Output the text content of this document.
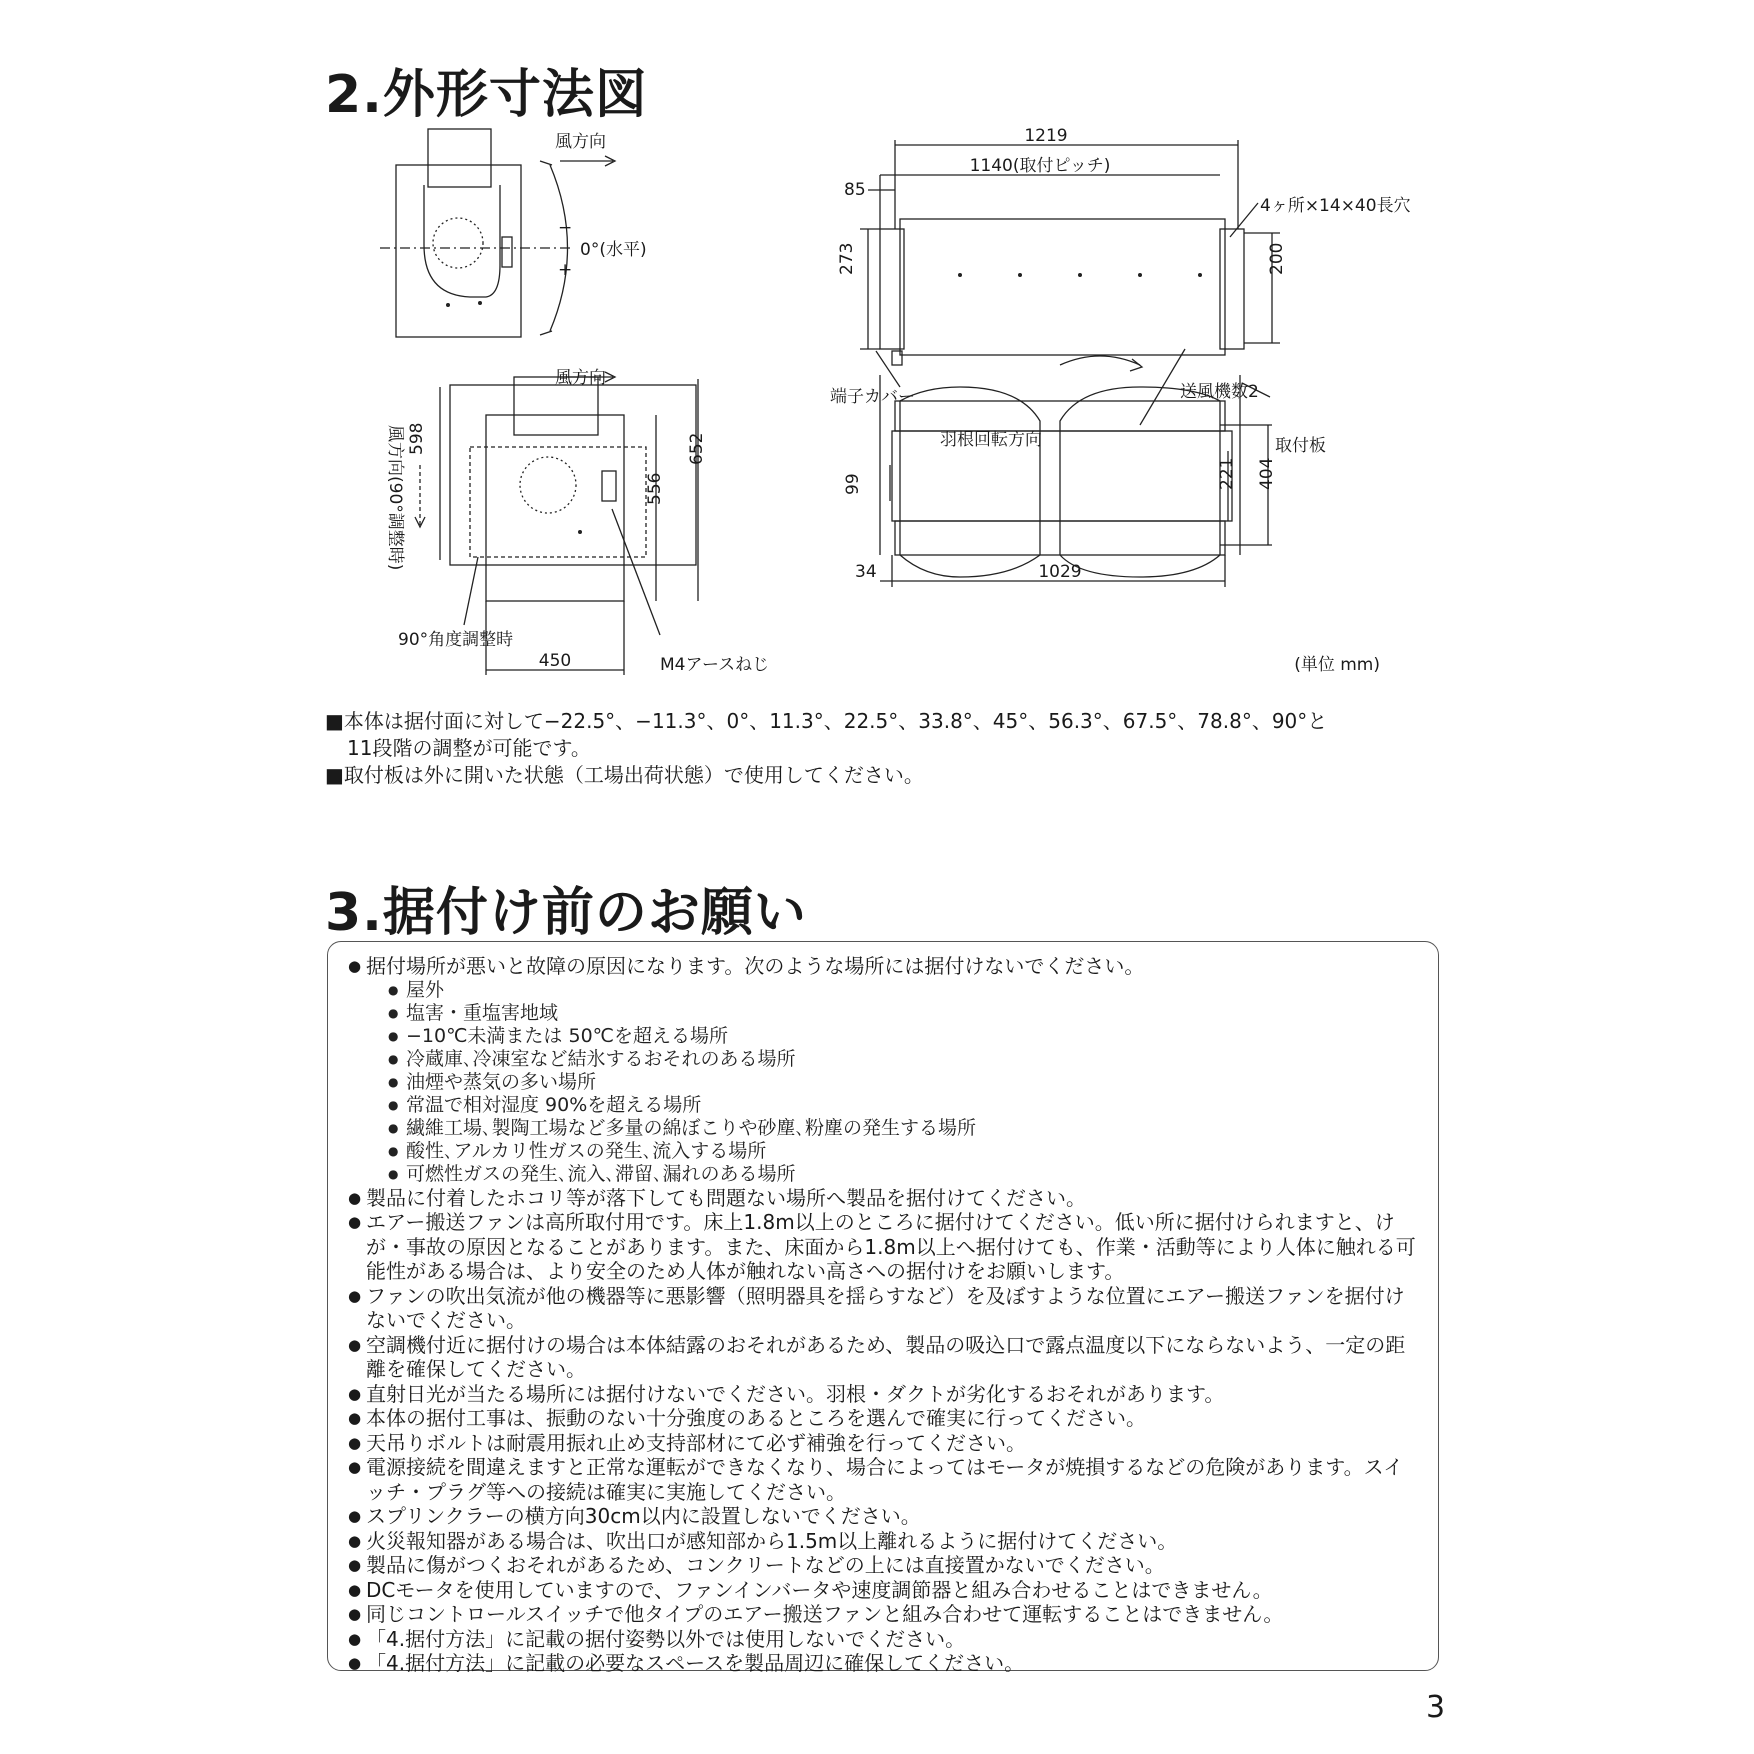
2.外形寸法図
風方向
−
0°(水平)
+
1219
1140(取付ピッチ)
85
4ヶ所×14×40長穴
273	200
風方向
風方向(90°調整時) 598
556
652
90°角度調整時
450	M4アースねじ
端子カバー	送風機数2
羽根回転方向	取付板
99	221 404
34	1029
(単位 mm)

■本体は据付面に対して−22.5°、−11.3°、0°、11.3°、22.5°、33.8°、45°、56.3°、67.5°、78.8°、90°と

11段階の調整が可能です。

■取付板は外に開いた状態（工場出荷状態）で使用してください。

3.据付け前のお願い
● 据付場所が悪いと故障の原因になります。次のような場所には据付けないでください。
● 屋外
● 塩害・重塩害地域
● −10℃未満または 50℃を超える場所
● 冷蔵庫､冷凍室など結氷するおそれのある場所
● 油煙や蒸気の多い場所
● 常温で相対湿度 90%を超える場所
● 繊維工場､製陶工場など多量の綿ぼこりや砂塵､粉塵の発生する場所
● 酸性､アルカリ性ガスの発生､流入する場所
● 可燃性ガスの発生､流入､滞留､漏れのある場所
● 製品に付着したホコリ等が落下しても問題ない場所へ製品を据付けてください。
● エアー搬送ファンは高所取付用です。床上1.8m以上のところに据付けてください。低い所に据付けられますと、けが・事故の原因となることがあります。また、床面から1.8m以上へ据付けても、作業・活動等により人体に触れる可能性がある場合は、より安全のため人体が触れない高さへの据付けをお願いします。
● ファンの吹出気流が他の機器等に悪影響（照明器具を揺らすなど）を及ぼすような位置にエアー搬送ファンを据付けないでください。
● 空調機付近に据付けの場合は本体結露のおそれがあるため、製品の吸込口で露点温度以下にならないよう、一定の距離を確保してください。
● 直射日光が当たる場所には据付けないでください。羽根・ダクトが劣化するおそれがあります。
● 本体の据付工事は、振動のない十分強度のあるところを選んで確実に行ってください。
● 天吊りボルトは耐震用振れ止め支持部材にて必ず補強を行ってください。
● 電源接続を間違えますと正常な運転ができなくなり、場合によってはモータが焼損するなどの危険があります。スイッチ・プラグ等への接続は確実に実施してください。
● スプリンクラーの横方向30cm以内に設置しないでください。
● 火災報知器がある場合は、吹出口が感知部から1.5m以上離れるように据付けてください。
● 製品に傷がつくおそれがあるため、コンクリートなどの上には直接置かないでください。
● DCモータを使用していますので、ファンインバータや速度調節器と組み合わせることはできません。
● 同じコントロールスイッチで他タイプのエアー搬送ファンと組み合わせて運転することはできません。
● 「4.据付方法」に記載の据付姿勢以外では使用しないでください。
● 「4.据付方法」に記載の必要なスペースを製品周辺に確保してください。
3
